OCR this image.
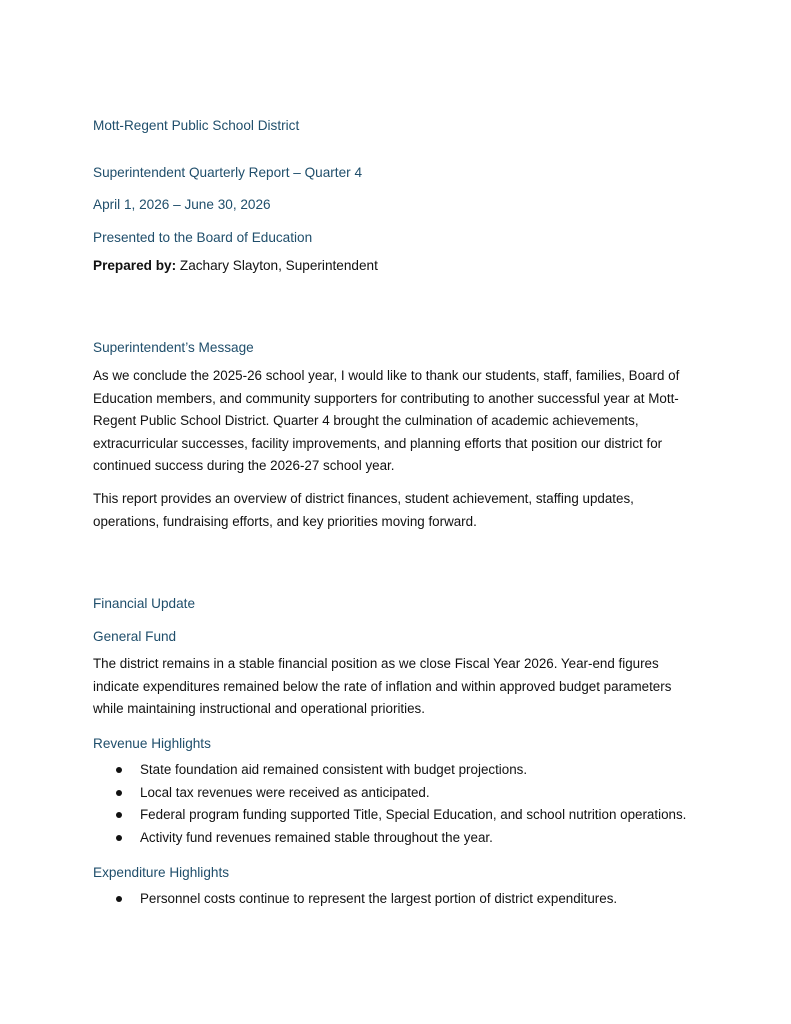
Mott-Regent Public School District
Superintendent Quarterly Report – Quarter 4
April 1, 2026 – June 30, 2026
Presented to the Board of Education
Prepared by: Zachary Slayton, Superintendent
Superintendent’s Message

As we conclude the 2025-26 school year, I would like to thank our students, staff, families, Board of Education members, and community supporters for contributing to another successful year at Mott-Regent Public School District. Quarter 4 brought the culmination of academic achievements, extracurricular successes, facility improvements, and planning efforts that position our district for continued success during the 2026-27 school year.

This report provides an overview of district finances, student achievement, staffing updates, operations, fundraising efforts, and key priorities moving forward.

Financial Update
General Fund

The district remains in a stable financial position as we close Fiscal Year 2026. Year-end figures indicate expenditures remained below the rate of inflation and within approved budget parameters while maintaining instructional and operational priorities.

Revenue Highlights
State foundation aid remained consistent with budget projections.
Local tax revenues were received as anticipated.
Federal program funding supported Title, Special Education, and school nutrition operations.
Activity fund revenues remained stable throughout the year.
Expenditure Highlights
Personnel costs continue to represent the largest portion of district expenditures.
